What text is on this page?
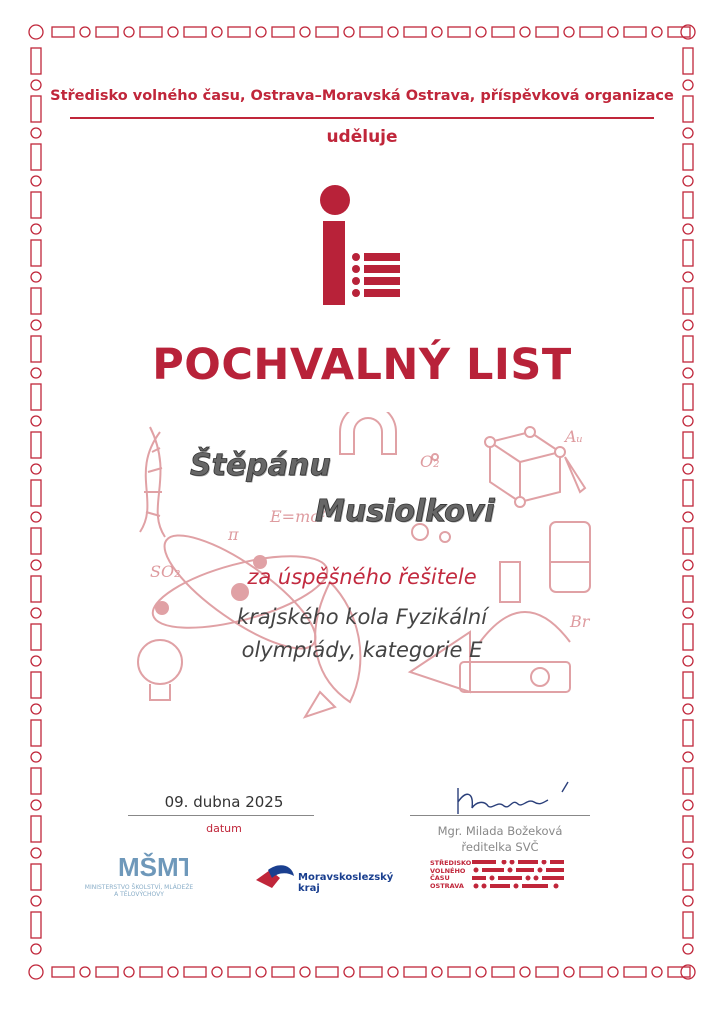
Středisko volného času, Ostrava–Moravská Ostrava, příspěvková organizace
uděluje
POCHVALNÝ LIST
O₂
π
SO₂
E=mc²
Br
Aᵤ
Štěpánu
Musiolkovi
za úspěšného řešitele
krajského kola Fyzikální
olympiády, kategorie E
09. dubna 2025
datum	Mgr. Milada Božeková
ředitelka SVČ
MŠMT
MINISTERSTVO ŠKOLSTVÍ, MLÁDEŽE A TĚLOVÝCHOVY
Moravskoslezský
kraj
STŘEDISKO
VOLNÉHO
ČASU
OSTRAVA
